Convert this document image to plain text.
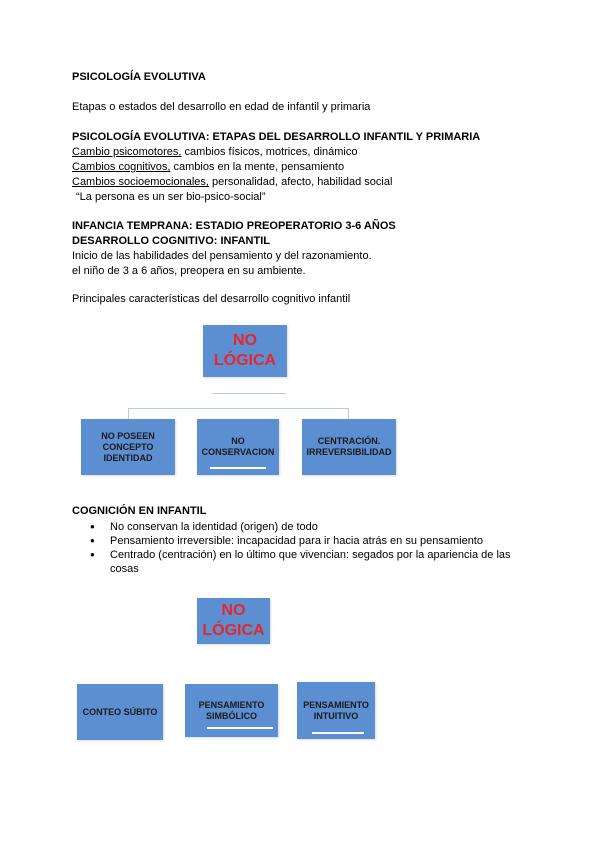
PSICOLOGÍA EVOLUTIVA
Etapas o estados del desarrollo en edad de infantil y primaria
PSICOLOGÍA EVOLUTIVA: ETAPAS DEL DESARROLLO INFANTIL Y PRIMARIA
Cambio psicomotores, cambios físicos, motrices, dinámico
Cambios cognitivos, cambios en la mente, pensamiento
Cambios socioemocionales, personalidad, afecto, habilidad social
“La persona es un ser bio-psico-social”
INFANCIA TEMPRANA: ESTADIO PREOPERATORIO 3-6 AÑOS
DESARROLLO COGNITIVO: INFANTIL
Inicio de las habilidades del pensamiento y del razonamiento.
el niño de 3 a 6 años, preopera en su ambiente.
Principales características del desarrollo cognitivo infantil
NO LÓGICA
NO POSEEN CONCEPTO IDENTIDAD
NO CONSERVACION
CENTRACIÓN. IRREVERSIBILIDAD
COGNICIÓN EN INFANTIL
● No conservan la identidad (origen) de todo
● Pensamiento irreversible: incapacidad para ir hacia atrás en su pensamiento
● Centrado (centración) en lo último que vivencian: segados por la apariencia de las cosas
NO LÓGICA
CONTEO SÚBITO
PENSAMIENTO SIMBÓLICO
PENSAMIENTO INTUITIVO
